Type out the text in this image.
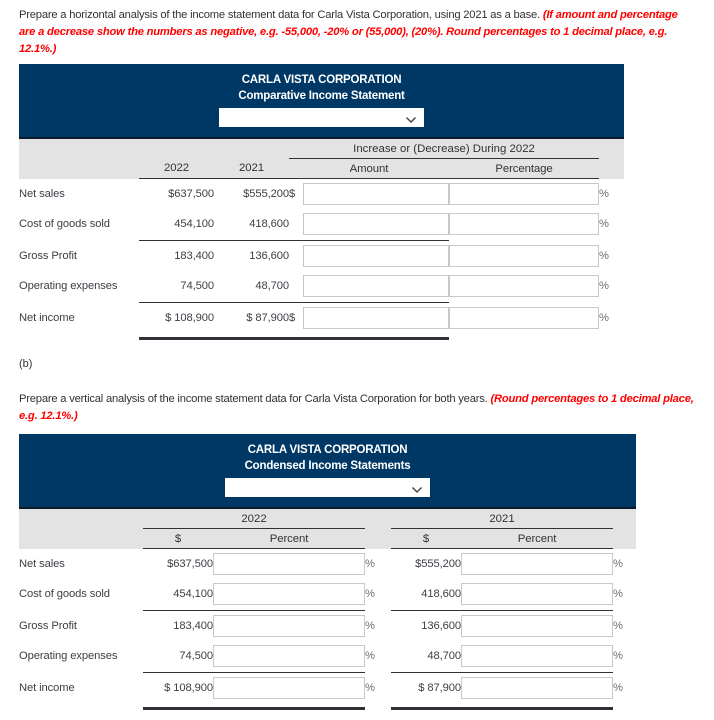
Prepare a horizontal analysis of the income statement data for Carla Vista Corporation, using 2021 as a base. (If amount and percentage are a decrease show the numbers as negative, e.g. -55,000, -20% or (55,000), (20%). Round percentages to 1 decimal place, e.g. 12.1%.)
CARLA VISTA CORPORATION
Comparative Income Statement
			Increase or (Decrease) During 2022			
	2022	2021	Amount		Percentage	
Net sales	$637,500	$555,200	$			%
Cost of goods sold	454,100	418,600				%

Gross Profit	183,400	136,600				%
Operating expenses	74,500	48,700				%

Net income	$ 108,900	$ 87,900	$			%

(b)
Prepare a vertical analysis of the income statement data for Carla Vista Corporation for both years. (Round percentages to 1 decimal place, e.g. 12.1%.)
CARLA VISTA CORPORATION
Condensed Income Statements
	2022			2021		
	$	Percent		$	Percent	
Net sales	$637,500		%	$555,200		%
Cost of goods sold	454,100		%	418,600		%

Gross Profit	183,400		%	136,600		%
Operating expenses	74,500		%	48,700		%

Net income	$ 108,900		%	$ 87,900		%
